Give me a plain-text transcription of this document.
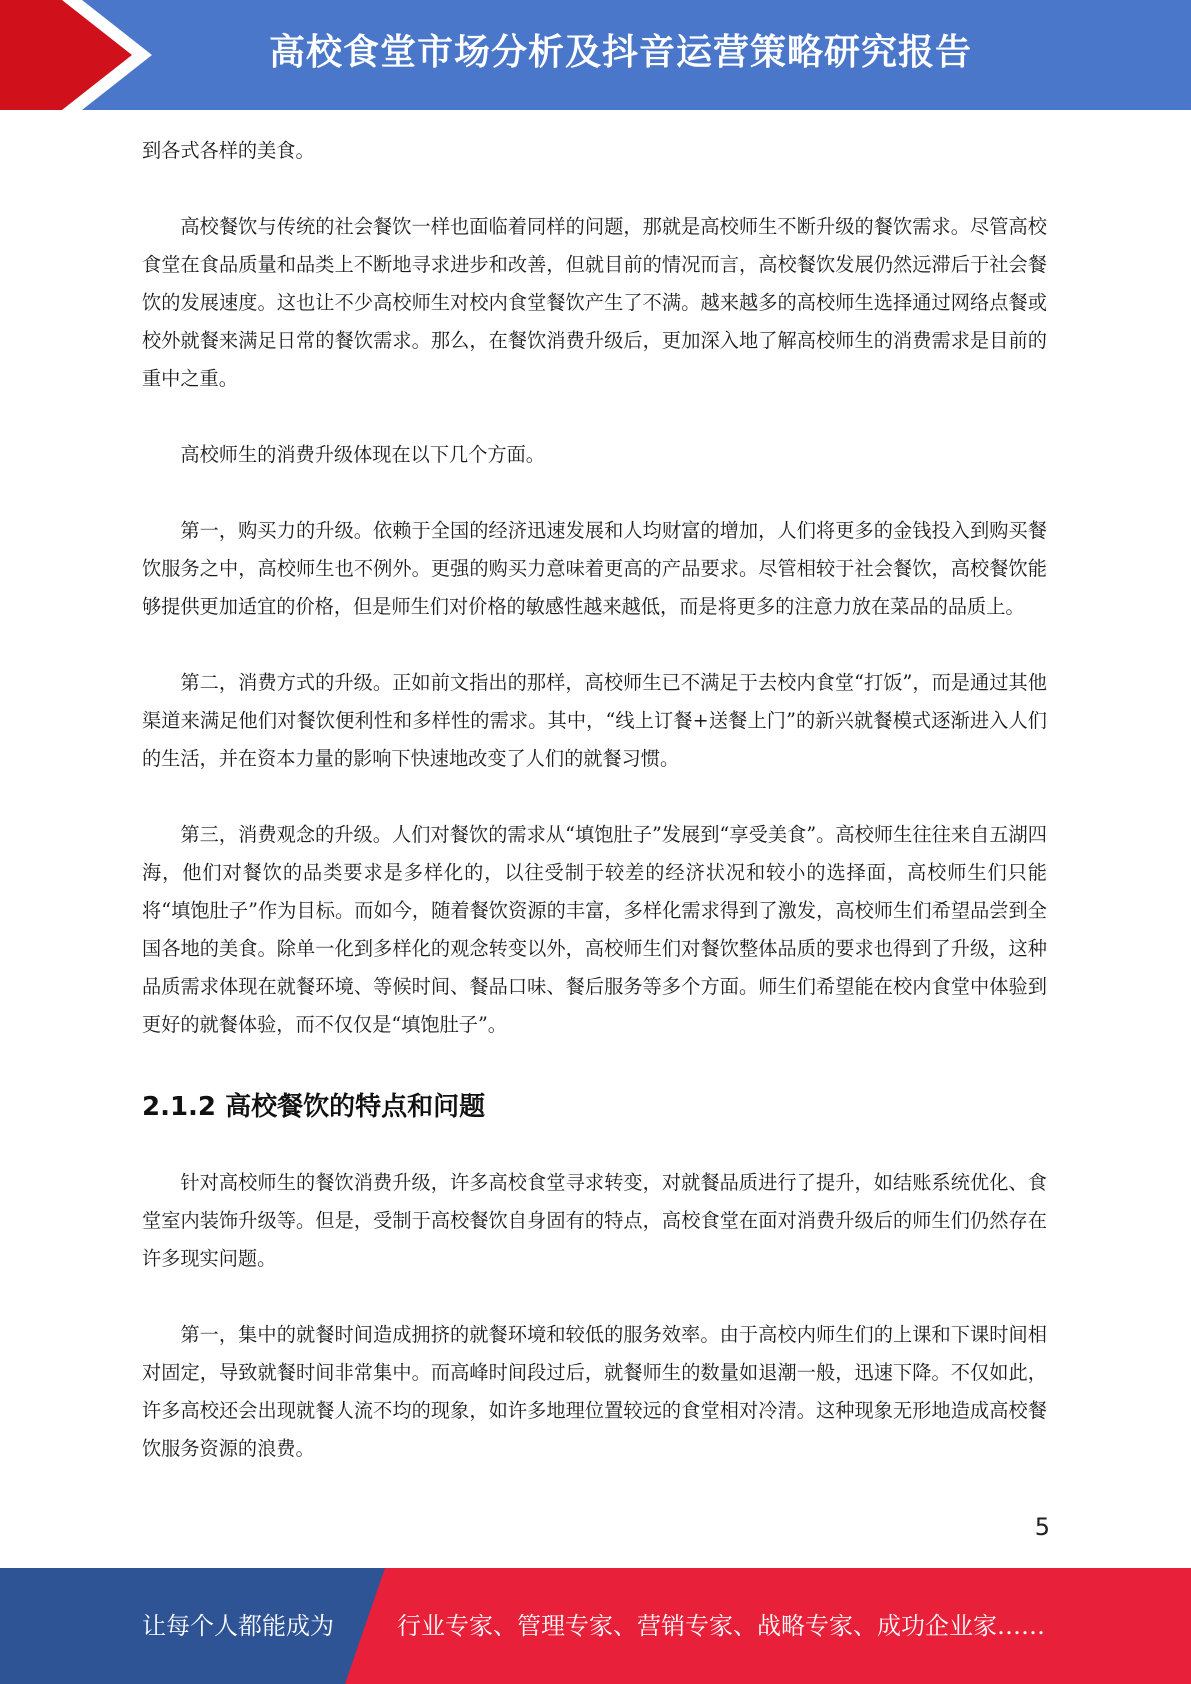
高校食堂市场分析及抖音运营策略研究报告

到各式各样的美食。

高校餐饮与传统的社会餐饮一样也面临着同样的问题，那就是高校师生不断升级的餐饮需求。尽管高校食堂在食品质量和品类上不断地寻求进步和改善，但就目前的情况而言，高校餐饮发展仍然远滞后于社会餐饮的发展速度。这也让不少高校师生对校内食堂餐饮产生了不满。越来越多的高校师生选择通过网络点餐或校外就餐来满足日常的餐饮需求。那么，在餐饮消费升级后，更加深入地了解高校师生的消费需求是目前的重中之重。

高校师生的消费升级体现在以下几个方面。

第一，购买力的升级。依赖于全国的经济迅速发展和人均财富的增加，人们将更多的金钱投入到购买餐饮服务之中，高校师生也不例外。更强的购买力意味着更高的产品要求。尽管相较于社会餐饮，高校餐饮能够提供更加适宜的价格，但是师生们对价格的敏感性越来越低，而是将更多的注意力放在菜品的品质上。

第二，消费方式的升级。正如前文指出的那样，高校师生已不满足于去校内食堂“打饭”，而是通过其他渠道来满足他们对餐饮便利性和多样性的需求。其中，“线上订餐+送餐上门”的新兴就餐模式逐渐进入人们的生活，并在资本力量的影响下快速地改变了人们的就餐习惯。

第三，消费观念的升级。人们对餐饮的需求从“填饱肚子”发展到“享受美食”。高校师生往往来自五湖四海，他们对餐饮的品类要求是多样化的，以往受制于较差的经济状况和较小的选择面，高校师生们只能将“填饱肚子”作为目标。而如今，随着餐饮资源的丰富，多样化需求得到了激发，高校师生们希望品尝到全国各地的美食。除单一化到多样化的观念转变以外，高校师生们对餐饮整体品质的要求也得到了升级，这种品质需求体现在就餐环境、等候时间、餐品口味、餐后服务等多个方面。师生们希望能在校内食堂中体验到更好的就餐体验，而不仅仅是“填饱肚子”。

2.1.2 高校餐饮的特点和问题

针对高校师生的餐饮消费升级，许多高校食堂寻求转变，对就餐品质进行了提升，如结账系统优化、食堂室内装饰升级等。但是，受制于高校餐饮自身固有的特点，高校食堂在面对消费升级后的师生们仍然存在许多现实问题。

第一，集中的就餐时间造成拥挤的就餐环境和较低的服务效率。由于高校内师生们的上课和下课时间相对固定，导致就餐时间非常集中。而高峰时间段过后，就餐师生的数量如退潮一般，迅速下降。不仅如此，许多高校还会出现就餐人流不均的现象，如许多地理位置较远的食堂相对冷清。这种现象无形地造成高校餐饮服务资源的浪费。

5
让每个人都能成为	行业专家、管理专家、营销专家、战略专家、成功企业家……
